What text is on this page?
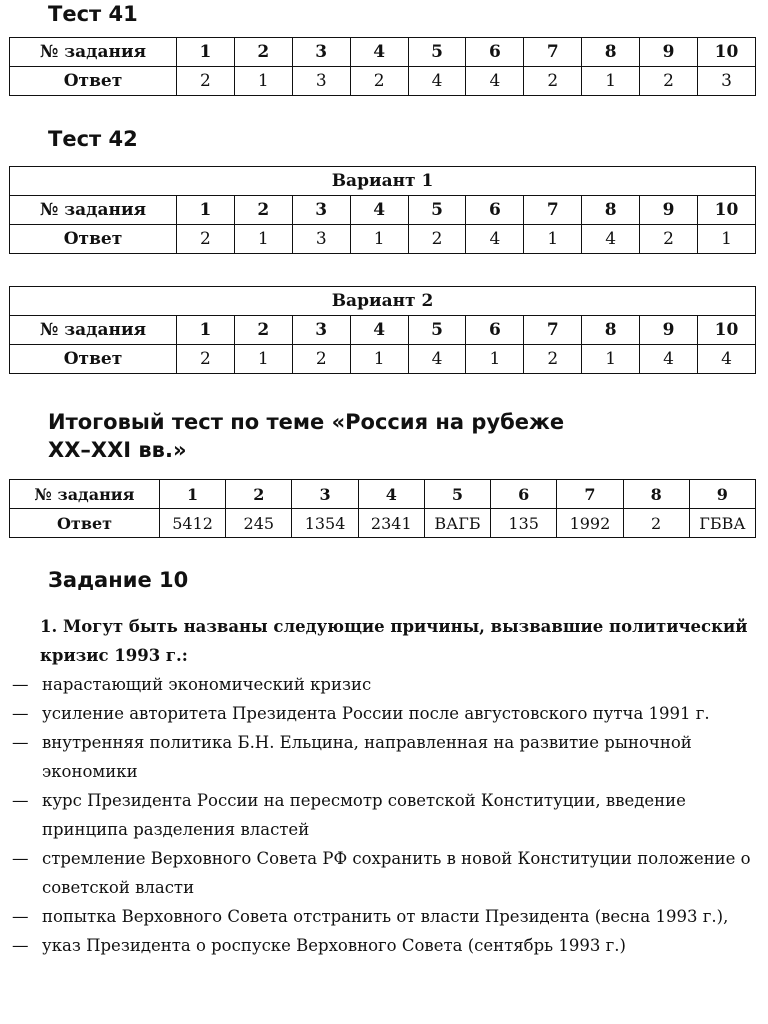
Тест 41
№ задания	1	2	3	4	5	6	7	8	9	10
Ответ	2	1	3	2	4	4	2	1	2	3
Тест 42
Вариант 1										
№ задания	1	2	3	4	5	6	7	8	9	10
Ответ	2	1	3	1	2	4	1	4	2	1
Вариант 2										
№ задания	1	2	3	4	5	6	7	8	9	10
Ответ	2	1	2	1	4	1	2	1	4	4
Итоговый тест по теме «Россия на рубеже
XX–XXI вв.»
№ задания	1	2	3	4	5	6	7	8	9
Ответ	5412	245	1354	2341	ВАГБ	135	1992	2	ГБВА
Задание 10

1. Могут быть названы следующие причины, вызвавшие политический кризис 1993 г.:

— нарастающий экономический кризис

— усиление авторитета Президента России после августовского путча 1991 г.

— внутренняя политика Б.Н. Ельцина, направленная на развитие рыночной экономики

— курс Президента России на пересмотр советской Конституции, введение принципа разделения властей

— стремление Верховного Совета РФ сохранить в новой Конституции положение о советской власти

— попытка Верховного Совета отстранить от власти Президента (весна 1993 г.),

— указ Президента о роспуске Верховного Совета (сентябрь 1993 г.)
